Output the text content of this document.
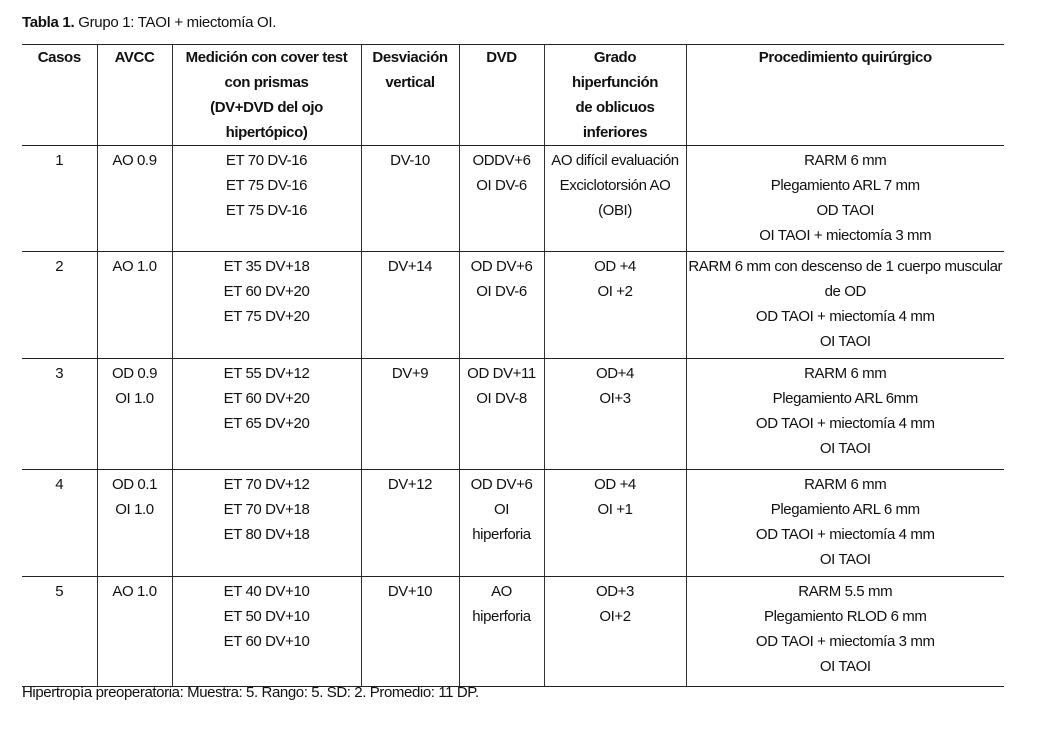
Tabla 1. Grupo 1: TAOI + miectomía OI.
Casos	AVCC	Medición con cover test
con prismas
(DV+DVD del ojo
hipertópico)	Desviación
vertical	DVD	Grado
hiperfunción
de oblicuos
inferiores	Procedimiento quirúrgico

1	AO 0.9	ET 70 DV-16
ET 75 DV-16
ET 75 DV-16	DV-10	ODDV+6
OI DV-6	AO difícil evaluación
Exciclotorsión AO
(OBI)	RARM 6 mm
Plegamiento ARL 7 mm
OD TAOI
OI TAOI + miectomía 3 mm

2	AO 1.0	ET 35 DV+18
ET 60 DV+20
ET 75 DV+20	DV+14	OD DV+6
OI DV-6	OD +4
OI +2	RARM 6 mm con descenso de 1 cuerpo muscular
de OD
OD TAOI + miectomía 4 mm
OI TAOI

3	OD 0.9
OI 1.0	ET 55 DV+12
ET 60 DV+20
ET 65 DV+20	DV+9	OD DV+11
OI DV-8	OD+4
OI+3	RARM 6 mm
Plegamiento ARL 6mm
OD TAOI + miectomía 4 mm
OI TAOI

4	OD 0.1
OI 1.0	ET 70 DV+12
ET 70 DV+18
ET 80 DV+18	DV+12	OD DV+6
OI
hiperforia	OD +4
OI +1	RARM 6 mm
Plegamiento ARL 6 mm
OD TAOI + miectomía 4 mm
OI TAOI

5	AO 1.0	ET 40 DV+10
ET 50 DV+10
ET 60 DV+10	DV+10	AO
hiperforia	OD+3
OI+2	RARM 5.5 mm
Plegamiento RLOD 6 mm
OD TAOI + miectomía 3 mm
OI TAOI
Hipertropía preoperatoria: Muestra: 5. Rango: 5. SD: 2. Promedio: 11 DP.
